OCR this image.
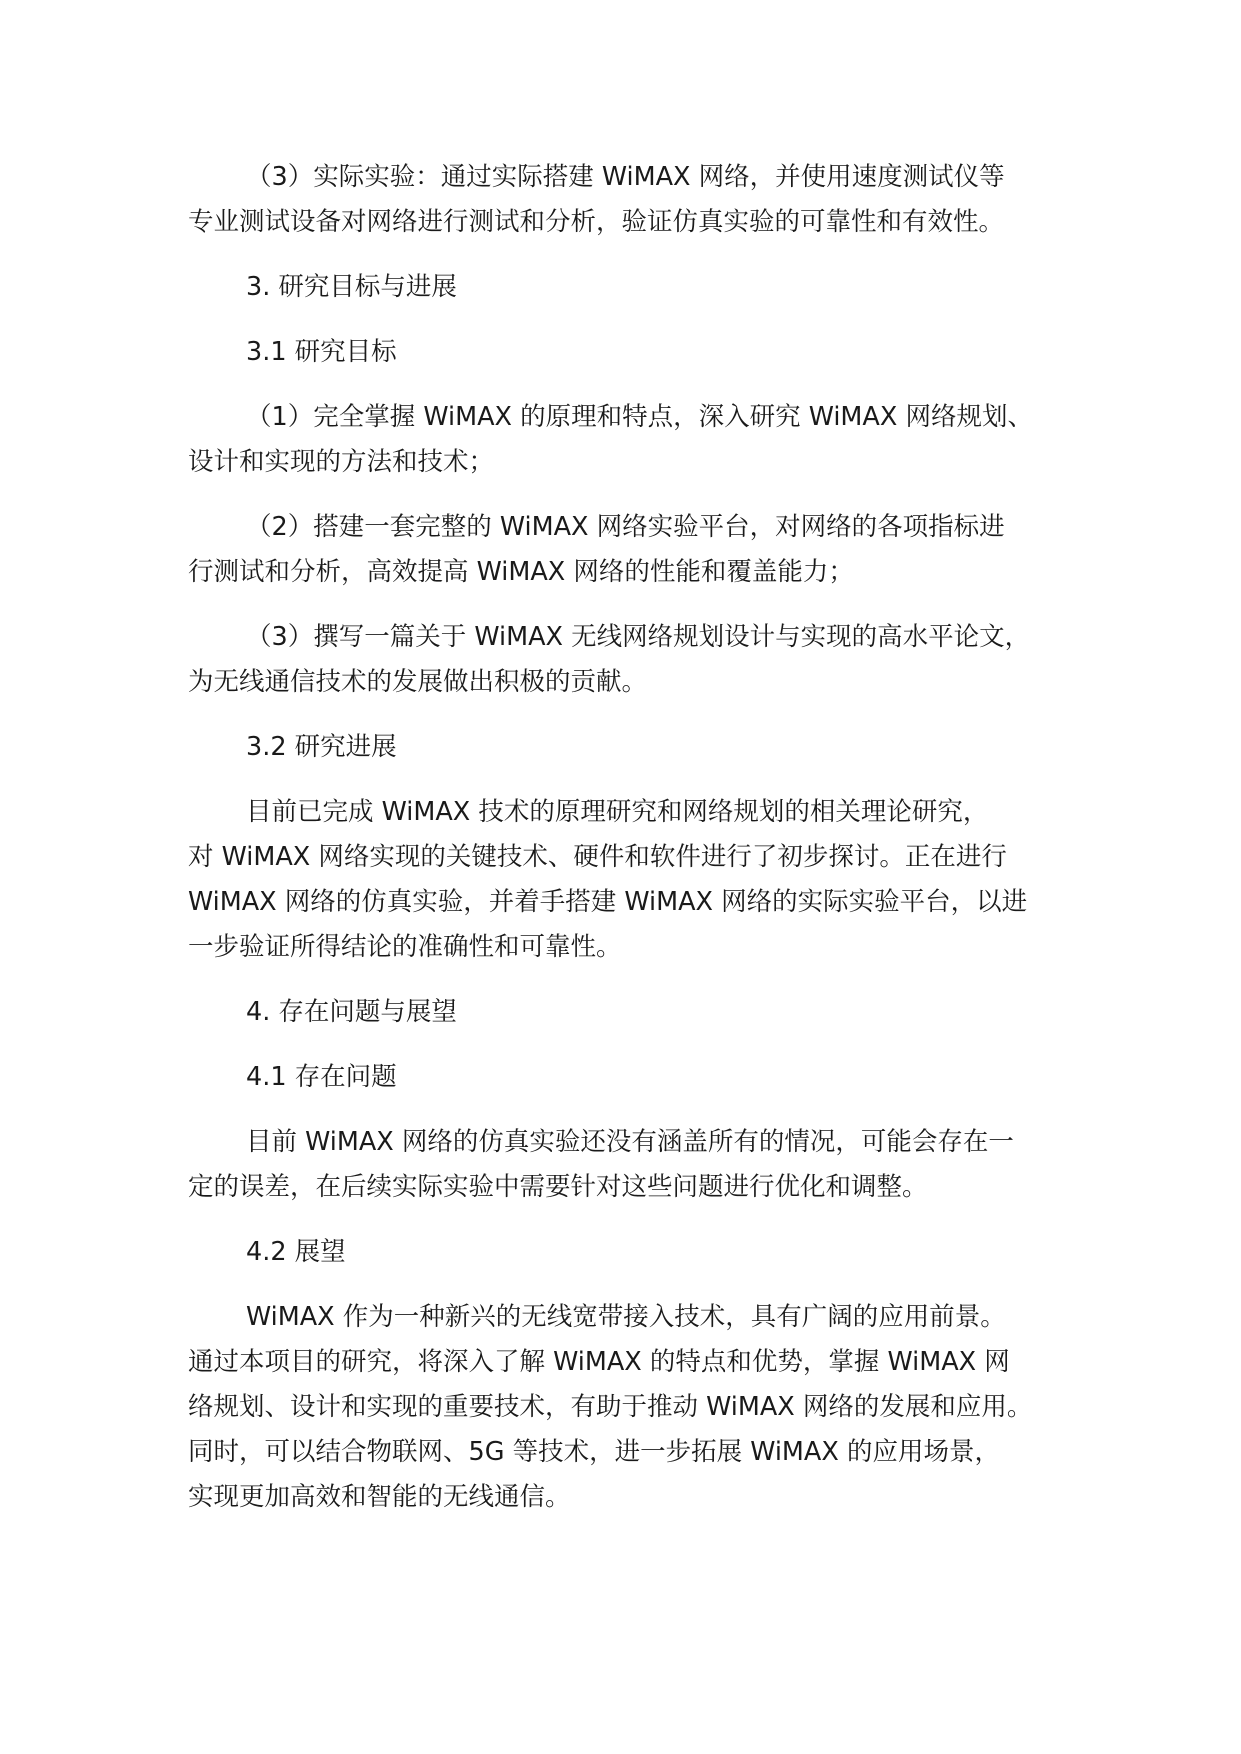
（3）实际实验：通过实际搭建 WiMAX 网络，并使用速度测试仪等
专业测试设备对网络进行测试和分析，验证仿真实验的可靠性和有效性。
3. 研究目标与进展
3.1 研究目标
（1）完全掌握 WiMAX 的原理和特点，深入研究 WiMAX 网络规划、
设计和实现的方法和技术；
（2）搭建一套完整的 WiMAX 网络实验平台，对网络的各项指标进
行测试和分析，高效提高 WiMAX 网络的性能和覆盖能力；
（3）撰写一篇关于 WiMAX 无线网络规划设计与实现的高水平论文，
为无线通信技术的发展做出积极的贡献。
3.2 研究进展
目前已完成 WiMAX 技术的原理研究和网络规划的相关理论研究，
对 WiMAX 网络实现的关键技术、硬件和软件进行了初步探讨。正在进行
WiMAX 网络的仿真实验，并着手搭建 WiMAX 网络的实际实验平台，以进
一步验证所得结论的准确性和可靠性。
4. 存在问题与展望
4.1 存在问题
目前 WiMAX 网络的仿真实验还没有涵盖所有的情况，可能会存在一
定的误差，在后续实际实验中需要针对这些问题进行优化和调整。
4.2 展望
WiMAX 作为一种新兴的无线宽带接入技术，具有广阔的应用前景。
通过本项目的研究，将深入了解 WiMAX 的特点和优势，掌握 WiMAX 网
络规划、设计和实现的重要技术，有助于推动 WiMAX 网络的发展和应用。
同时，可以结合物联网、5G 等技术，进一步拓展 WiMAX 的应用场景，
实现更加高效和智能的无线通信。
